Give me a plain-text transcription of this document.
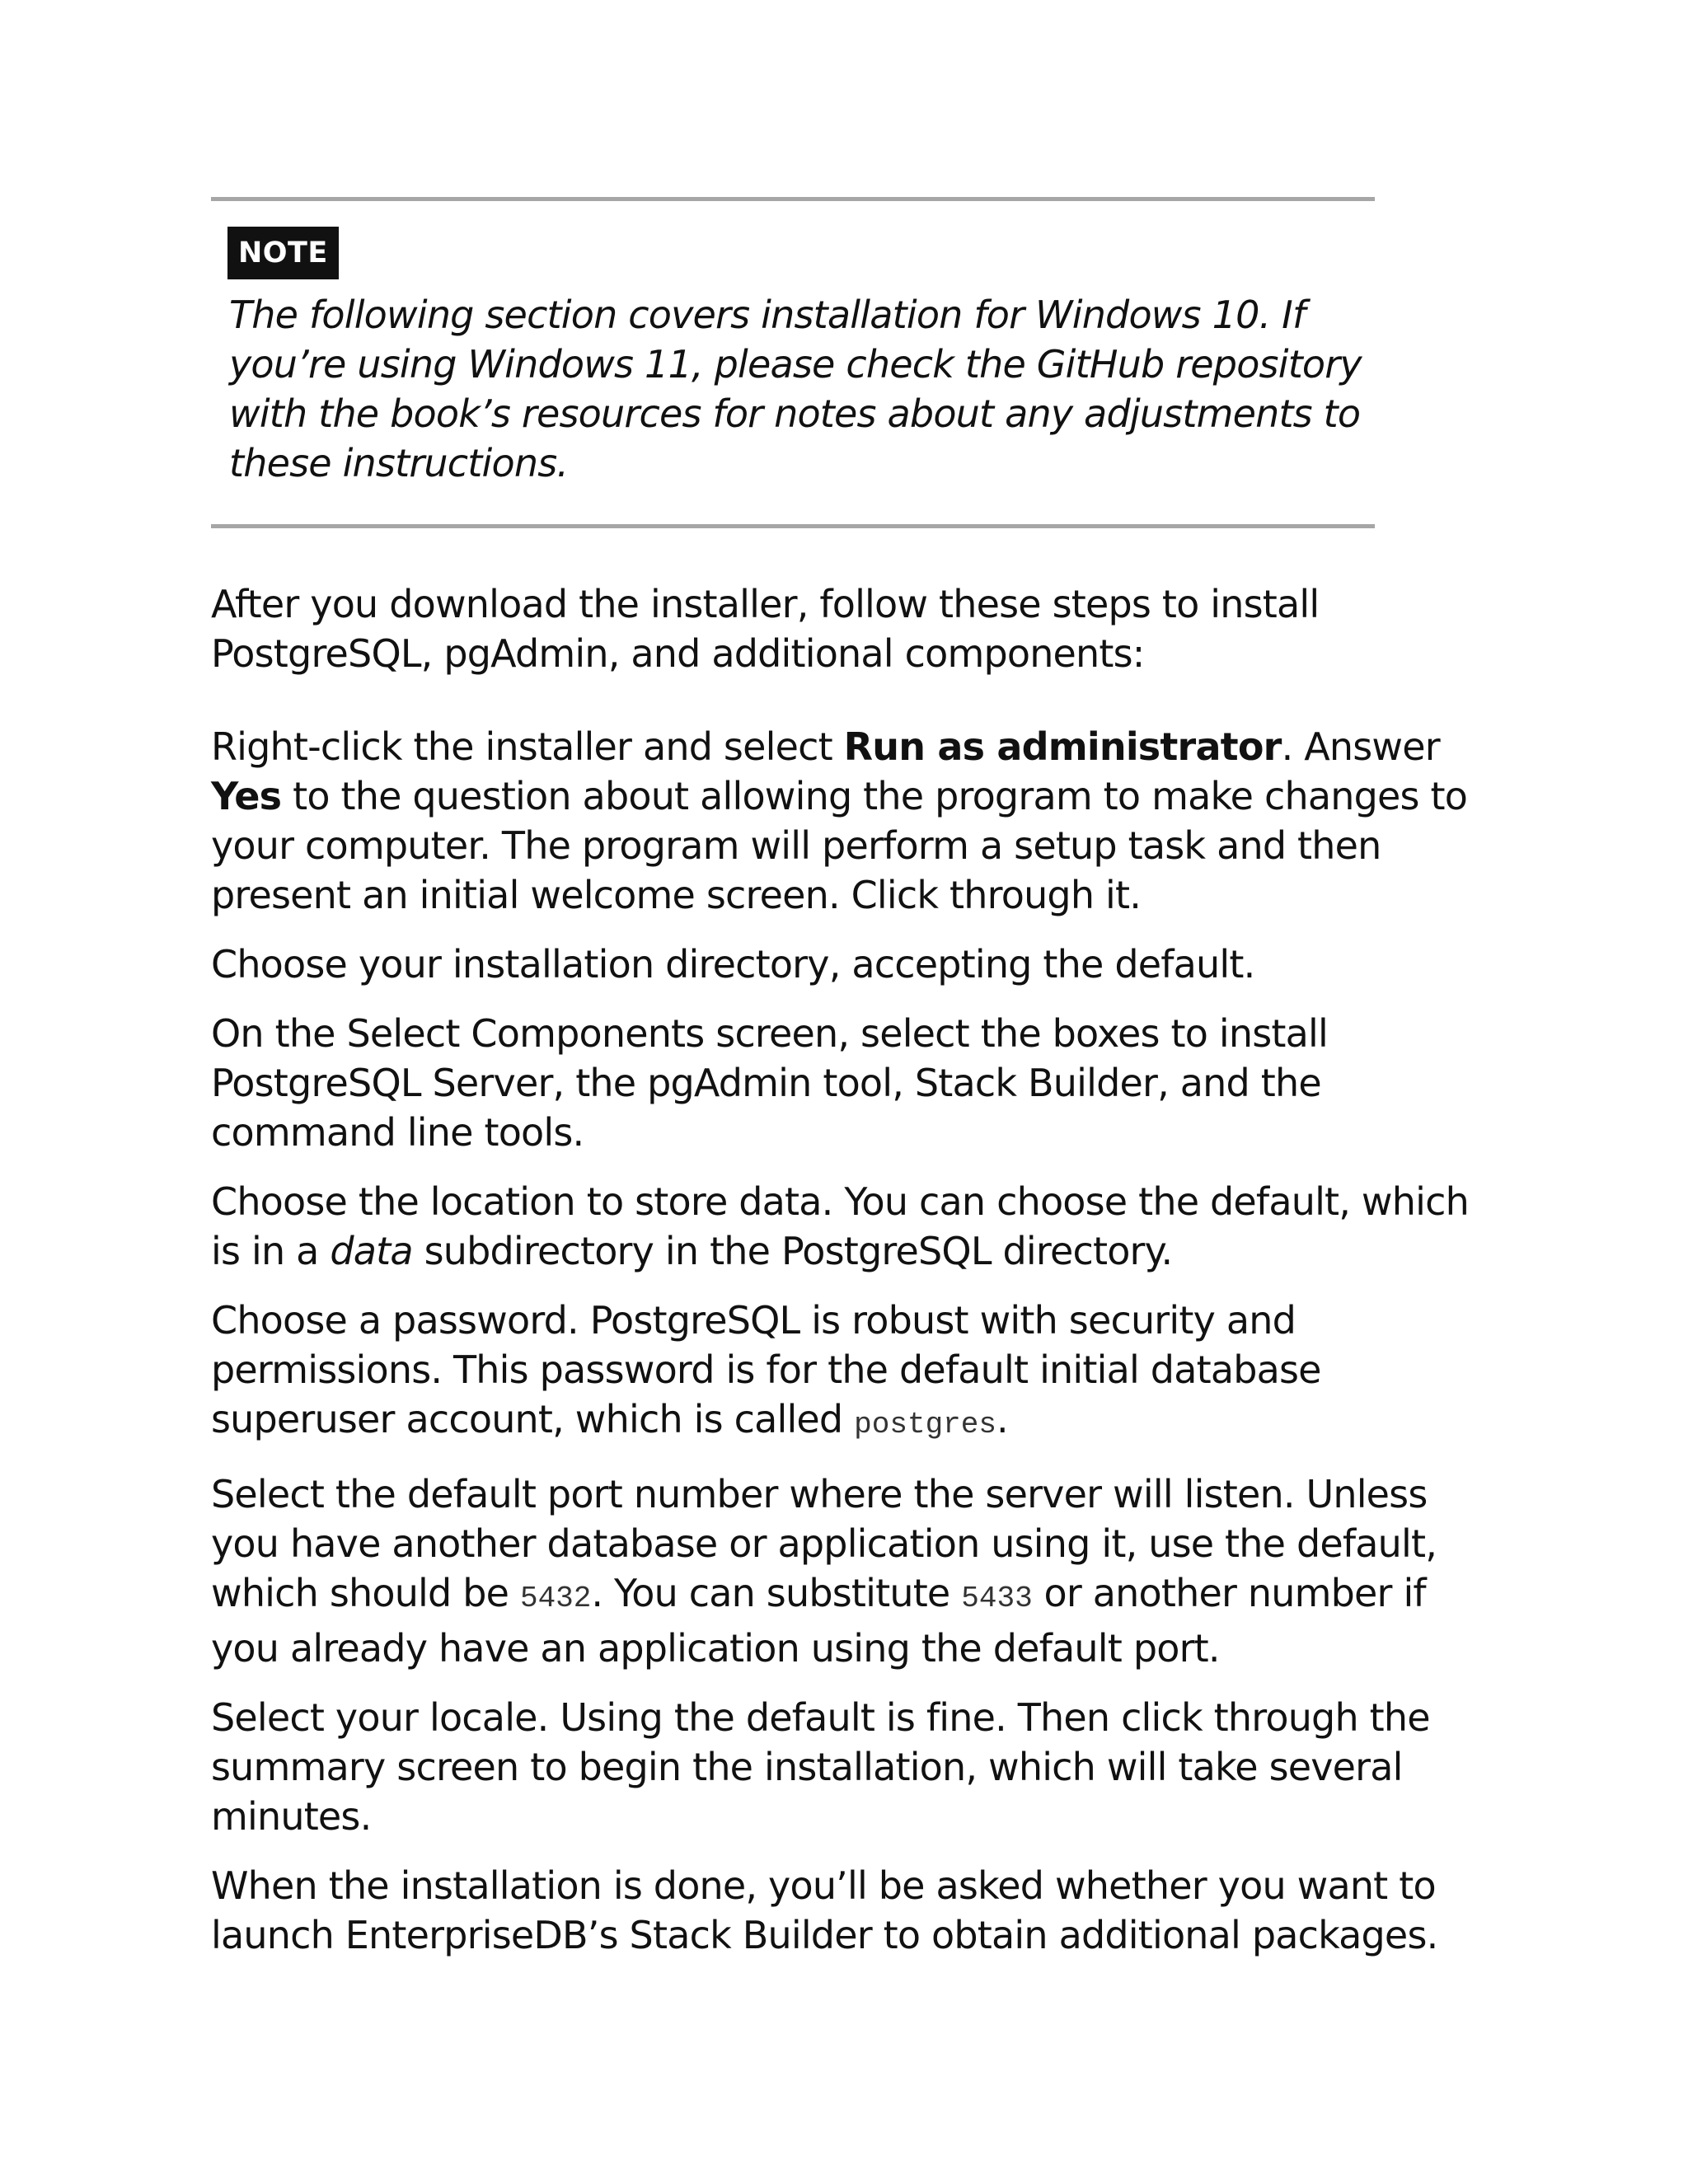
NOTE
The following section covers installation for Windows 10. If
you’re using Windows 11, please check the GitHub repository
with the book’s resources for notes about any adjustments to
these instructions.
After you download the installer, follow these steps to install
PostgreSQL, pgAdmin, and additional components:
Right-click the installer and select Run as administrator. Answer
Yes to the question about allowing the program to make changes to
your computer. The program will perform a setup task and then
present an initial welcome screen. Click through it.
Choose your installation directory, accepting the default.
On the Select Components screen, select the boxes to install
PostgreSQL Server, the pgAdmin tool, Stack Builder, and the
command line tools.
Choose the location to store data. You can choose the default, which
is in a data subdirectory in the PostgreSQL directory.
Choose a password. PostgreSQL is robust with security and
permissions. This password is for the default initial database
superuser account, which is called postgres.
Select the default port number where the server will listen. Unless
you have another database or application using it, use the default,
which should be 5432. You can substitute 5433 or another number if
you already have an application using the default port.
Select your locale. Using the default is fine. Then click through the
summary screen to begin the installation, which will take several
minutes.
When the installation is done, you’ll be asked whether you want to
launch EnterpriseDB’s Stack Builder to obtain additional packages.
